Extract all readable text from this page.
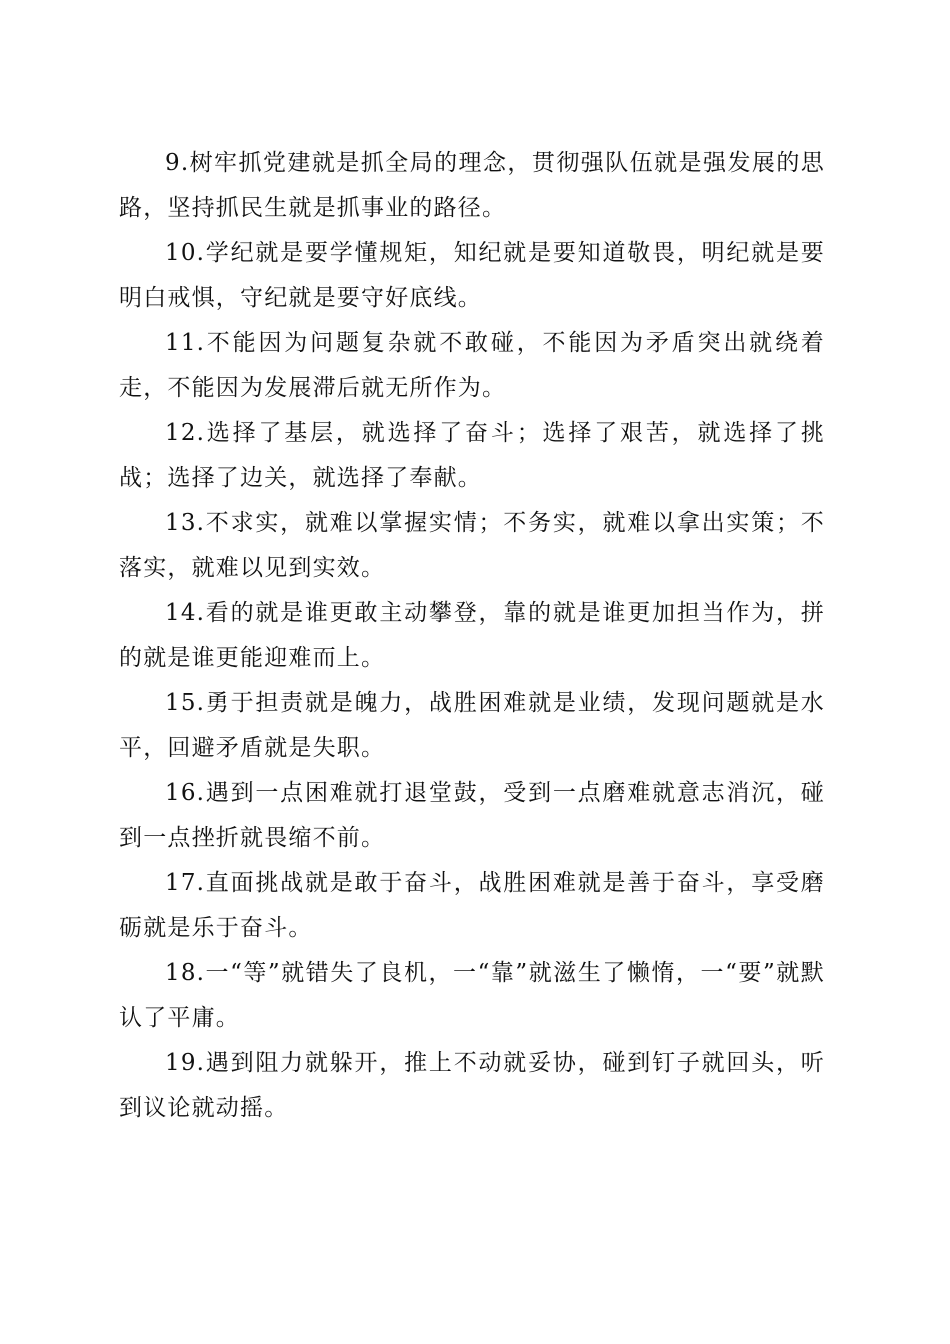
9.树牢抓党建就是抓全局的理念，贯彻强队伍就是强发展的思路，坚持抓民生就是抓事业的路径。

10.学纪就是要学懂规矩，知纪就是要知道敬畏，明纪就是要明白戒惧，守纪就是要守好底线。

11.不能因为问题复杂就不敢碰，不能因为矛盾突出就绕着走，不能因为发展滞后就无所作为。

12.选择了基层，就选择了奋斗；选择了艰苦，就选择了挑战；选择了边关，就选择了奉献。

13.不求实，就难以掌握实情；不务实，就难以拿出实策；不落实，就难以见到实效。

14.看的就是谁更敢主动攀登，靠的就是谁更加担当作为，拼的就是谁更能迎难而上。

15.勇于担责就是魄力，战胜困难就是业绩，发现问题就是水平，回避矛盾就是失职。

16.遇到一点困难就打退堂鼓，受到一点磨难就意志消沉，碰到一点挫折就畏缩不前。

17.直面挑战就是敢于奋斗，战胜困难就是善于奋斗，享受磨砺就是乐于奋斗。

18.一“等”就错失了良机，一“靠”就滋生了懒惰，一“要”就默认了平庸。

19.遇到阻力就躲开，推上不动就妥协，碰到钉子就回头，听到议论就动摇。
